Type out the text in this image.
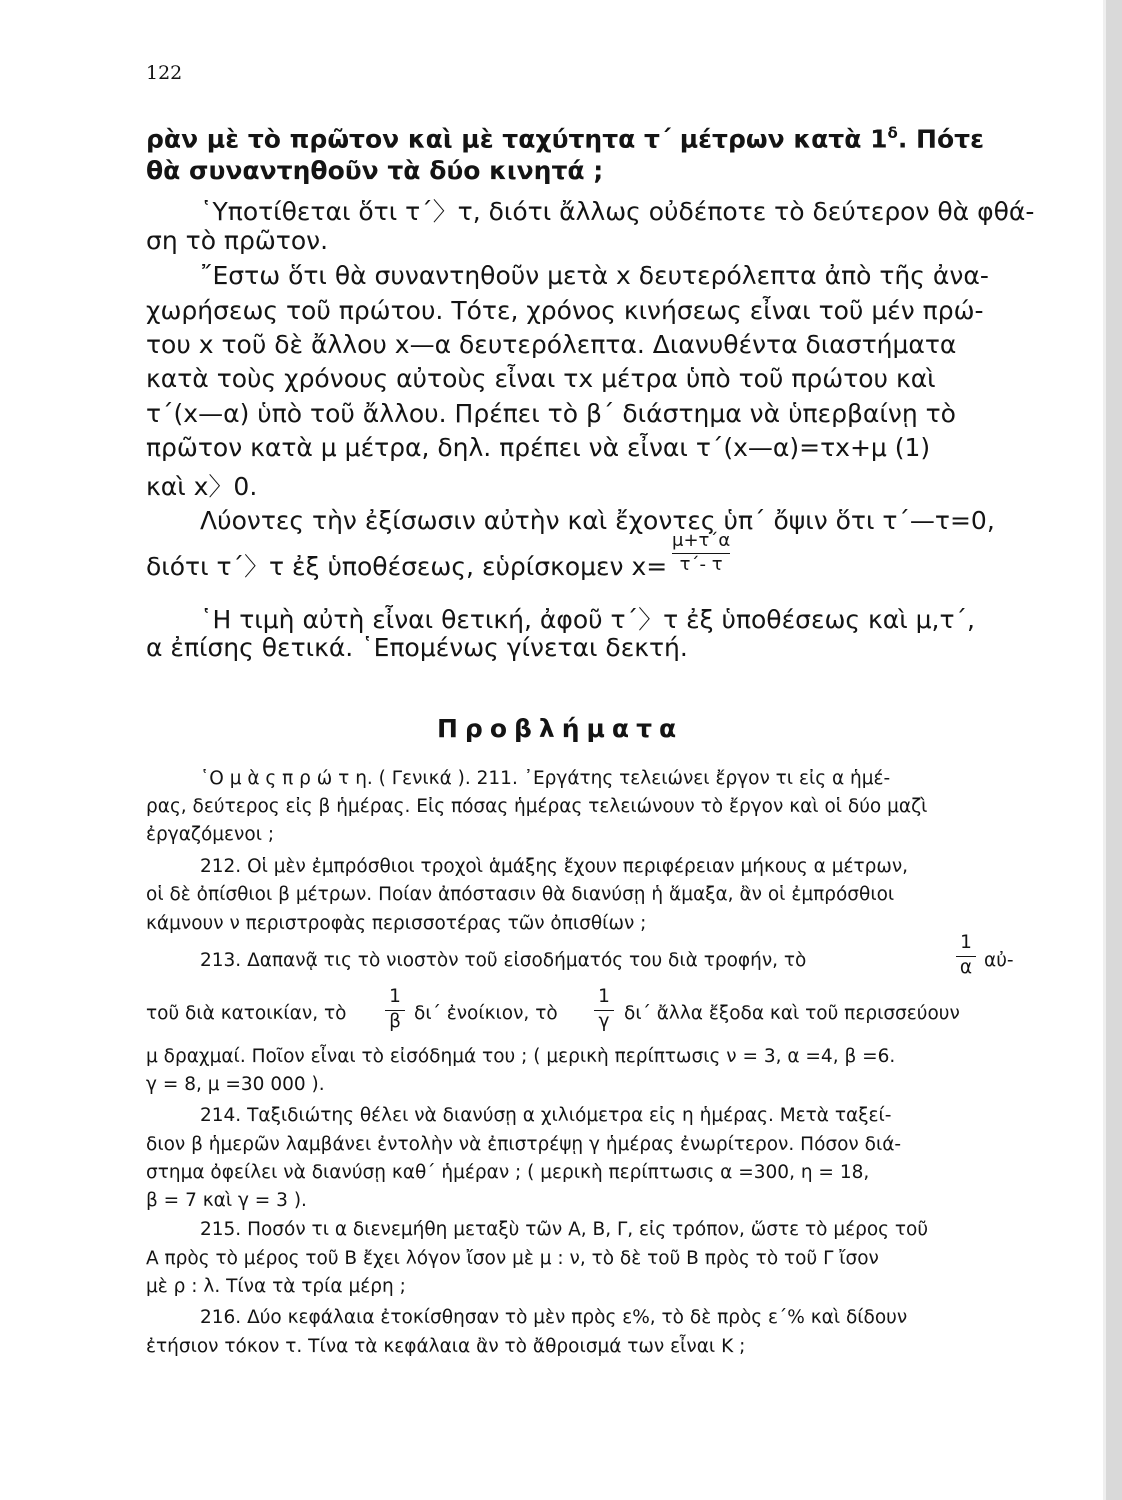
122
ρὰν μὲ τὸ πρῶτον καὶ μὲ ταχύτητα τ΄ μέτρων κατὰ $1^\delta$. Πότε
θὰ συναντηθοῦν τὰ δύο κινητά ;
῾Υποτίθεται ὅτι τ΄〉τ, διότι ἄλλως οὐδέποτε τὸ δεύτερον θὰ φθά-
ση τὸ πρῶτον.
῎Εστω ὅτι θὰ συναντηθοῦν μετὰ x δευτερόλεπτα ἀπὸ τῆς ἀνα-
χωρήσεως τοῦ πρώτου. Τότε, χρόνος κινήσεως εἶναι τοῦ μέν πρώ-
του x τοῦ δὲ ἄλλου x—α δευτερόλεπτα. Διανυθέντα διαστήματα
κατὰ τοὺς χρόνους αὐτοὺς εἶναι τx μέτρα ὑπὸ τοῦ πρώτου καὶ
τ΄(x—α) ὑπὸ τοῦ ἄλλου. Πρέπει τὸ β΄ διάστημα νὰ ὑπερβαίνῃ τὸ
πρῶτον κατὰ μ μέτρα, δηλ. πρέπει νὰ εἶναι τ΄(x—α)=τx+μ (1)
καὶ x〉0.
Λύοντες τὴν ἐξίσωσιν αὐτὴν καὶ ἔχοντες ὑπ΄ ὄψιν ὅτι τ΄—τ=0,
διότι τ΄〉τ ἐξ ὑποθέσεως, εὑρίσκομεν x=
μ+τ΄α
τ΄- τ
῾Η τιμὴ αὐτὴ εἶναι θετική, ἀφοῦ τ΄〉τ ἐξ ὑποθέσεως καὶ μ,τ΄,
α ἐπίσης θετικά. ῾Επομένως γίνεται δεκτή.
Προβλήματα
῾Ο μ ὰ ς π ρ ώ τ η. ( Γενικά ). 211. ᾿Εργάτης τελειώνει ἔργον τι εἰς α ἡμέ-
ρας, δεύτερος εἰς β ἡμέρας. Εἰς πόσας ἡμέρας τελειώνουν τὸ ἔργον καὶ οἱ δύο μαζὶ
ἐργαζόμενοι ;
212. Οἱ μὲν ἐμπρόσθιοι τροχοὶ ἁμάξης ἔχουν περιφέρειαν μήκους α μέτρων,
οἱ δὲ ὀπίσθιοι β μέτρων. Ποίαν ἀπόστασιν θὰ διανύσῃ ἡ ἅμαξα, ἂν οἱ ἐμπρόσθιοι
κάμνουν ν περιστροφὰς περισσοτέρας τῶν ὀπισθίων ;
213. Δαπανᾷ τις τὸ νιοστὸν τοῦ εἰσοδήματός του διὰ τροφήν, τὸ
1
α αὐ-
τοῦ διὰ κατοικίαν, τὸ
1
β δι΄ ἐνοίκιον, τὸ
1
γ δι΄ ἄλλα ἔξοδα καὶ τοῦ περισσεύουν
μ δραχμαί. Ποῖον εἶναι τὸ εἰσόδημά του ; ( μερικὴ περίπτωσις ν = 3, α =4, β =6.
γ = 8, μ =30 000 ).
214. Ταξιδιώτης θέλει νὰ διανύσῃ α χιλιόμετρα εἰς η ἡμέρας. Μετὰ ταξεί-
διον β ἡμερῶν λαμβάνει ἐντολὴν νὰ ἐπιστρέψῃ γ ἡμέρας ἐνωρίτερον. Πόσον διά-
στημα ὀφείλει νὰ διανύσῃ καθ΄ ἡμέραν ; ( μερικὴ περίπτωσις α =300, η = 18,
β = 7 καὶ γ = 3 ).
215. Ποσόν τι α διενεμήθη μεταξὺ τῶν Α, Β, Γ, εἰς τρόπον, ὥστε τὸ μέρος τοῦ
Α πρὸς τὸ μέρος τοῦ Β ἔχει λόγον ἴσον μὲ μ : ν, τὸ δὲ τοῦ Β πρὸς τὸ τοῦ Γ ἴσον
μὲ ρ : λ. Τίνα τὰ τρία μέρη ;
216. Δύο κεφάλαια ἐτοκίσθησαν τὸ μὲν πρὸς ε%, τὸ δὲ πρὸς ε΄% καὶ δίδουν
ἐτήσιον τόκον τ. Τίνα τὰ κεφάλαια ἂν τὸ ἄθροισμά των εἶναι Κ ;
